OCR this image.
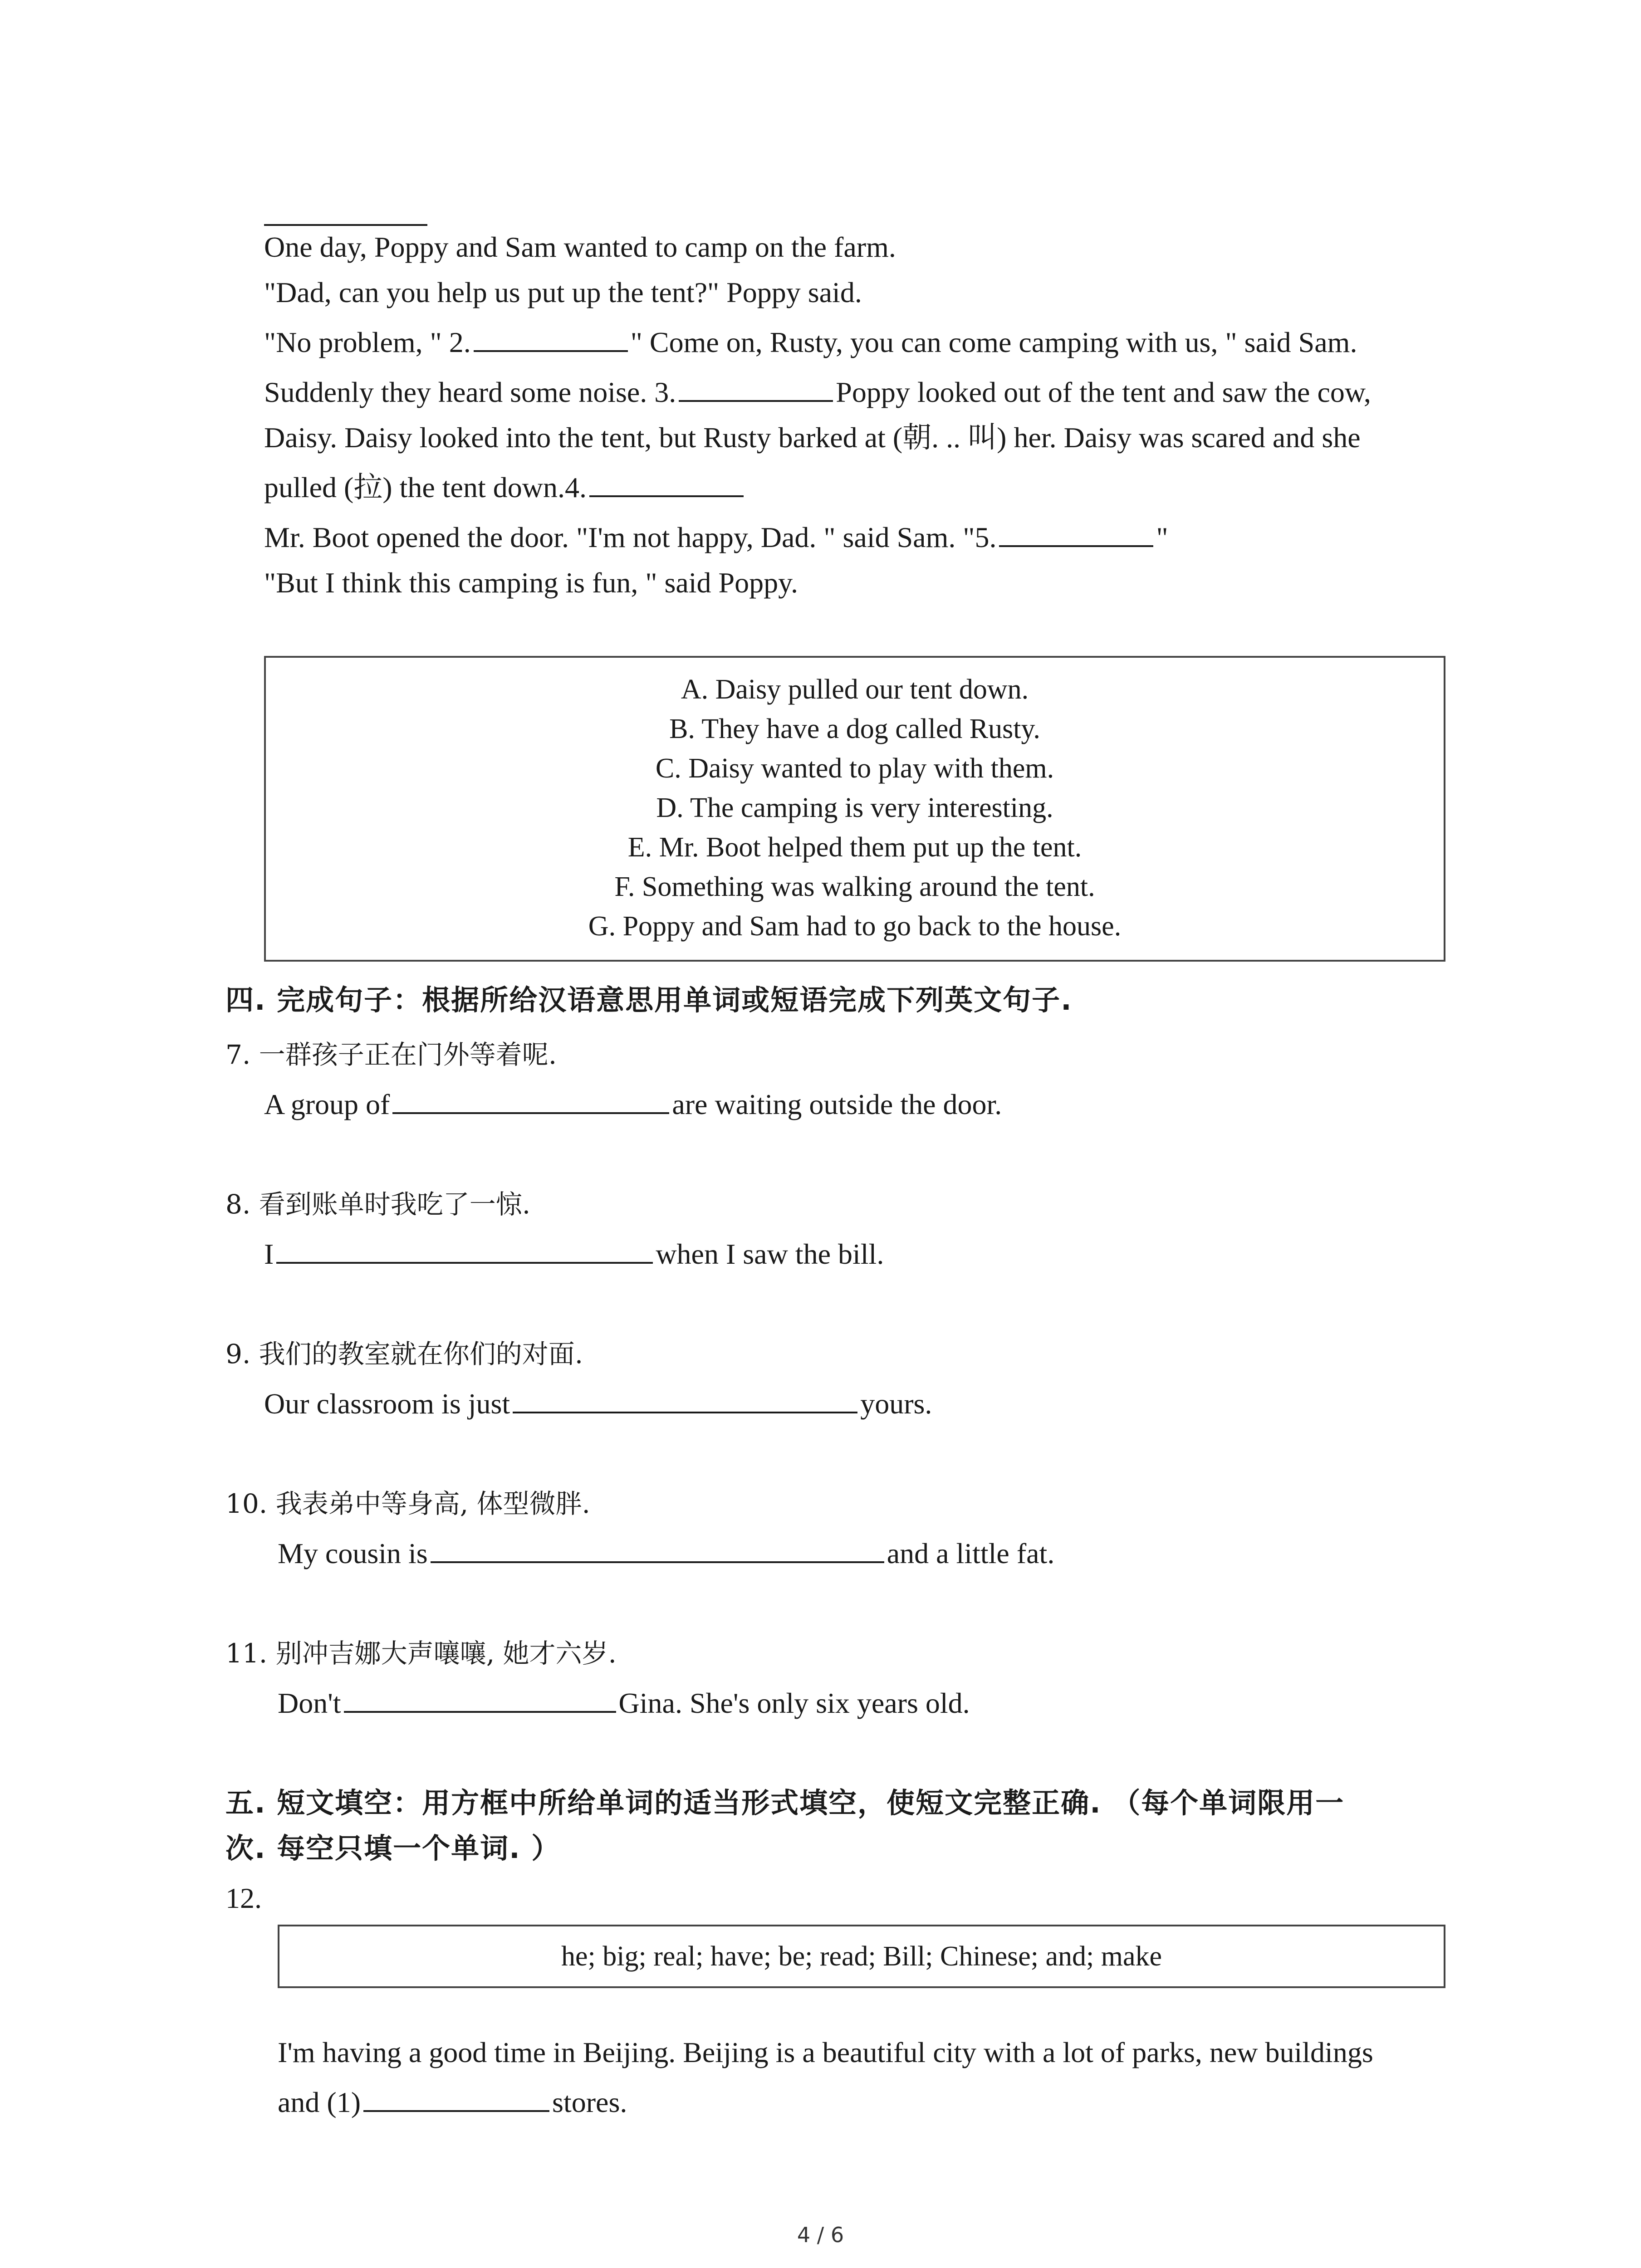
One day, Poppy and Sam wanted to camp on the farm.
"Dad, can you help us put up the tent?" Poppy said.
"No problem, " 2.	" Come on, Rusty, you can come camping with us, " said Sam.
Suddenly they heard some noise. 3.	Poppy looked out of the tent and saw the cow,
Daisy. Daisy looked into the tent, but Rusty barked at (朝. .. 叫) her. Daisy was scared and she
pulled (拉) the tent down.4.
Mr. Boot opened the door. "I'm not happy, Dad. " said Sam. "5.	"
"But I think this camping is fun, " said Poppy.
A. Daisy pulled our tent down.
B. They have a dog called Rusty.
C. Daisy wanted to play with them.
D. The camping is very interesting.
E. Mr. Boot helped them put up the tent.
F. Something was walking around the tent.
G. Poppy and Sam had to go back to the house.
四. 完成句子：根据所给汉语意思用单词或短语完成下列英文句子.
7. 一群孩子正在门外等着呢.
A group of	are waiting outside the door.
8. 看到账单时我吃了一惊.
I	when I saw the bill.
9. 我们的教室就在你们的对面.
Our classroom is just	yours.
10. 我表弟中等身高, 体型微胖.
My cousin is	and a little fat.
11. 别冲吉娜大声嚷嚷, 她才六岁.
Don't	Gina. She's only six years old.
五. 短文填空：用方框中所给单词的适当形式填空，使短文完整正确. （每个单词限用一
次. 每空只填一个单词. ）
12.
he; big; real; have; be; read; Bill; Chinese; and; make
I'm having a good time in Beijing. Beijing is a beautiful city with a lot of parks, new buildings
and (1)	stores.
4 / 6
